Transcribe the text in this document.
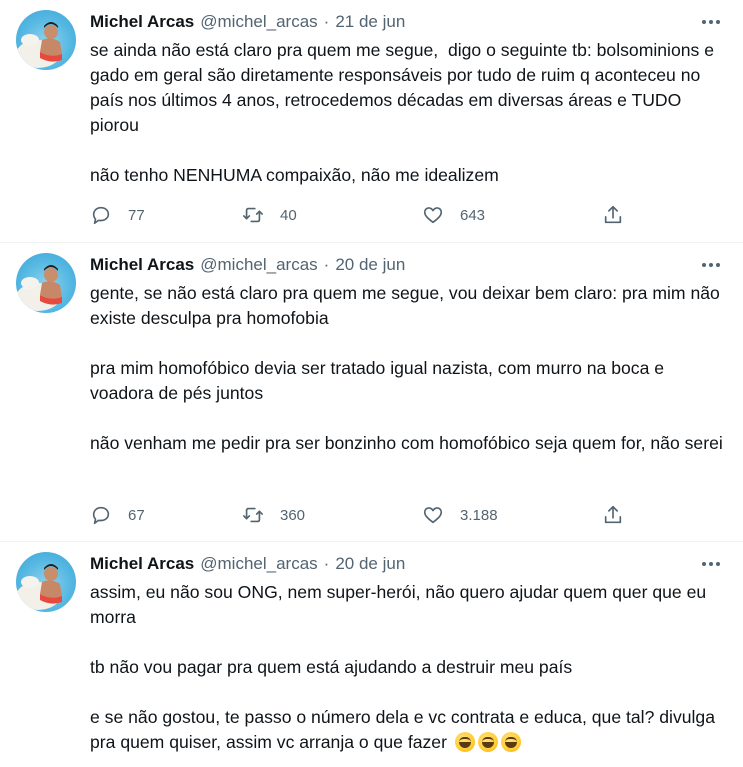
Michel Arcas @michel_arcas · 21 de jun

se ainda não está claro pra quem me segue,  digo o seguinte tb: bolsominions e gado em geral são diretamente responsáveis por tudo de ruim q aconteceu no país nos últimos 4 anos, retrocedemos décadas em diversas áreas e TUDO piorou

não tenho NENHUMA compaixão, não me idealizem

77	40	643
Michel Arcas @michel_arcas · 20 de jun

gente, se não está claro pra quem me segue, vou deixar bem claro: pra mim não existe desculpa pra homofobia

pra mim homofóbico devia ser tratado igual nazista, com murro na boca e voadora de pés juntos

não venham me pedir pra ser bonzinho com homofóbico seja quem for, não serei

67	360	3.188
Michel Arcas @michel_arcas · 20 de jun

assim, eu não sou ONG, nem super-herói, não quero ajudar quem quer que eu morra

tb não vou pagar pra quem está ajudando a destruir meu país

e se não gostou, te passo o número dela e vc contrata e educa, que tal? divulga pra quem quiser, assim vc arranja o que fazer
